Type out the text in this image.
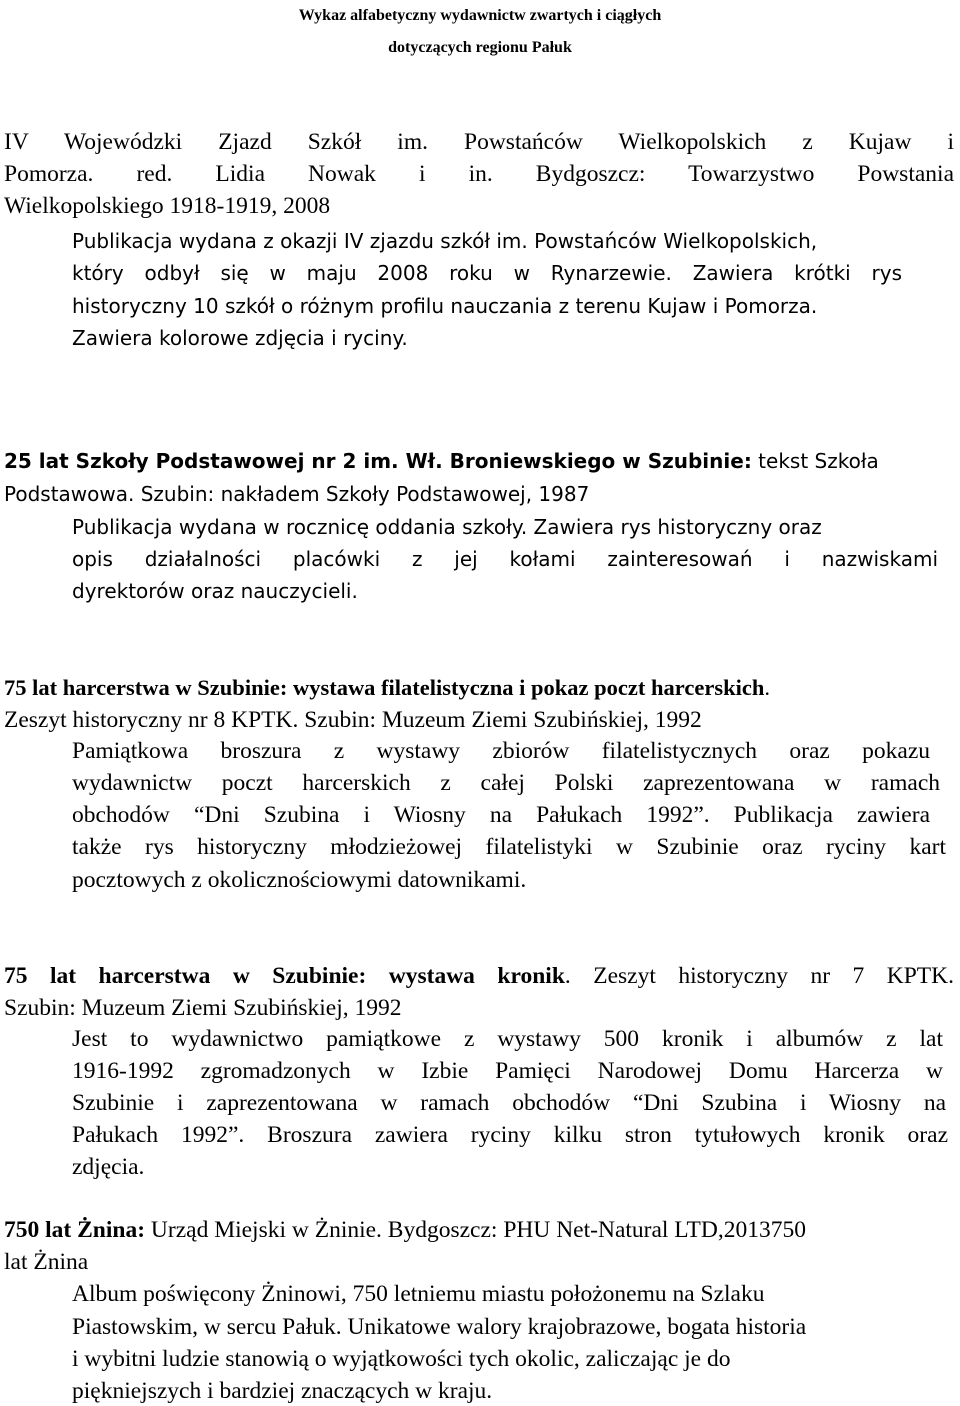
Wykaz alfabetyczny wydawnictw zwartych i ciągłych
dotyczących regionu Pałuk

IV Wojewódzki Zjazd Szkół im. Powstańców Wielkopolskich z Kujaw i

Pomorza. red. Lidia Nowak i in. Bydgoszcz: Towarzystwo Powstania

Wielkopolskiego 1918-1919, 2008

Publikacja wydana z okazji IV zjazdu szkół im. Powstańców Wielkopolskich,

który odbył się w maju 2008 roku w Rynarzewie. Zawiera krótki rys

historyczny 10 szkół o różnym profilu nauczania z terenu Kujaw i Pomorza.

Zawiera kolorowe zdjęcia i ryciny.

25 lat Szkoły Podstawowej nr 2 im. Wł. Broniewskiego w Szubinie: tekst Szkoła

Podstawowa. Szubin: nakładem Szkoły Podstawowej, 1987

Publikacja wydana w rocznicę oddania szkoły. Zawiera rys historyczny oraz

opis działalności placówki z jej kołami zainteresowań i nazwiskami

dyrektorów oraz nauczycieli.

75 lat harcerstwa w Szubinie: wystawa filatelistyczna i pokaz poczt harcerskich.

Zeszyt historyczny nr 8 KPTK. Szubin: Muzeum Ziemi Szubińskiej, 1992

Pamiątkowa broszura z wystawy zbiorów filatelistycznych oraz pokazu

wydawnictw poczt harcerskich z całej Polski zaprezentowana w ramach

obchodów “Dni Szubina i Wiosny na Pałukach 1992”. Publikacja zawiera

także rys historyczny młodzieżowej filatelistyki w Szubinie oraz ryciny kart

pocztowych z okolicznościowymi datownikami.

75 lat harcerstwa w Szubinie: wystawa kronik. Zeszyt historyczny nr 7 KPTK.

Szubin: Muzeum Ziemi Szubińskiej, 1992

Jest to wydawnictwo pamiątkowe z wystawy 500 kronik i albumów z lat

1916-1992 zgromadzonych w Izbie Pamięci Narodowej Domu Harcerza w

Szubinie i zaprezentowana w ramach obchodów “Dni Szubina i Wiosny na

Pałukach 1992”. Broszura zawiera ryciny kilku stron tytułowych kronik oraz

zdjęcia.

750 lat Żnina: Urząd Miejski w Żninie. Bydgoszcz: PHU Net-Natural LTD,2013750

lat Żnina

Album poświęcony Żninowi, 750 letniemu miastu położonemu na Szlaku

Piastowskim, w sercu Pałuk. Unikatowe walory krajobrazowe, bogata historia

i wybitni ludzie stanowią o wyjątkowości tych okolic, zaliczając je do

piękniejszych i bardziej znaczących w kraju.
